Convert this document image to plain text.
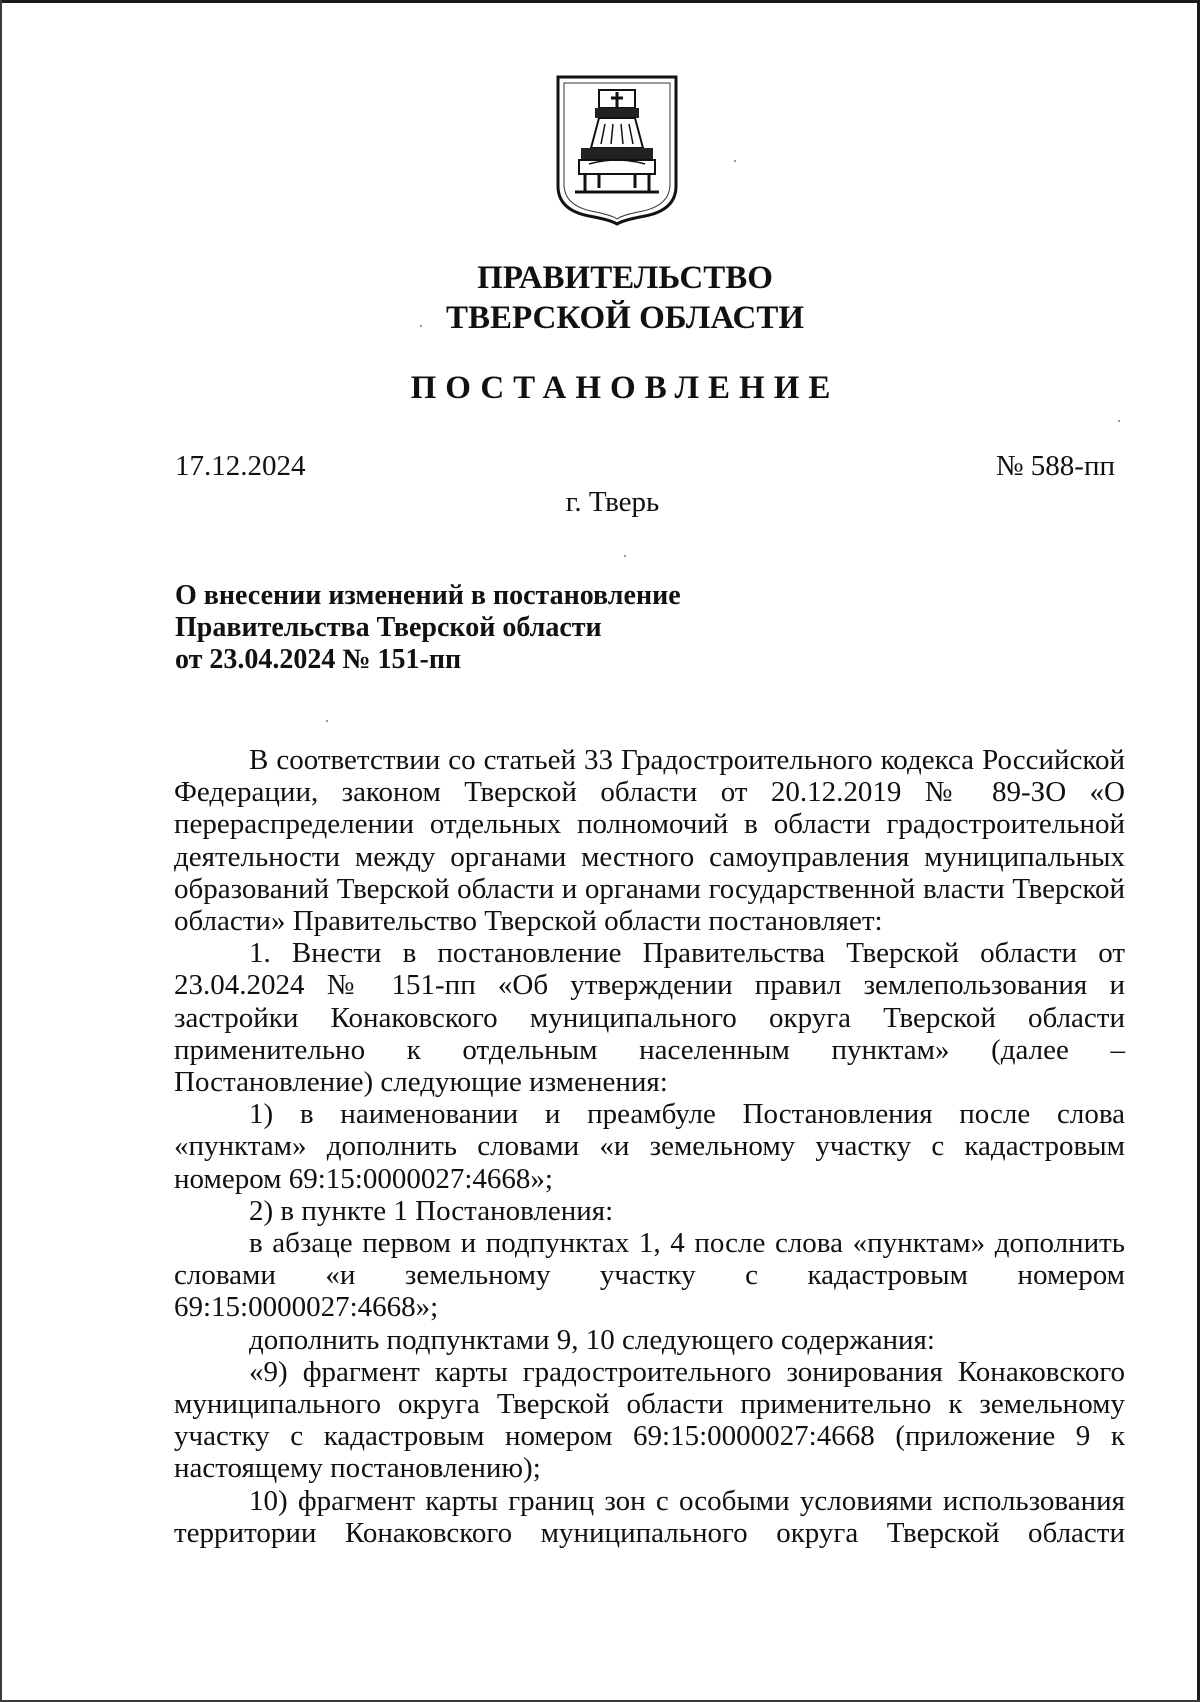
ПРАВИТЕЛЬСТВО
ТВЕРСКОЙ ОБЛАСТИ
ПОСТАНОВЛЕНИЕ
17.12.2024	№ 588-пп
г. Тверь
О внесении изменений в постановление
Правительства Тверской области
от 23.04.2024 № 151-пп

В соответствии со статьей 33 Градостроительного кодекса Российской Федерации, законом Тверской области от 20.12.2019 № 89-ЗО «О перераспределении отдельных полномочий в области градостроительной деятельности между органами местного самоуправления муниципальных образований Тверской области и органами государственной власти Тверской области» Правительство Тверской области постановляет:

1. Внести в постановление Правительства Тверской области от 23.04.2024 № 151-пп «Об утверждении правил землепользования и застройки Конаковского муниципального округа Тверской области применительно к отдельным населенным пунктам» (далее – Постановление) следующие изменения:

1) в наименовании и преамбуле Постановления после слова «пунктам» дополнить словами «и земельному участку с кадастровым номером 69:15:0000027:4668»;

2) в пункте 1 Постановления:

в абзаце первом и подпунктах 1, 4 после слова «пунктам» дополнить словами «и земельному участку с кадастровым номером 69:15:0000027:4668»;

дополнить подпунктами 9, 10 следующего содержания:

«9) фрагмент карты градостроительного зонирования Конаковского муниципального округа Тверской области применительно к земельному участку с кадастровым номером 69:15:0000027:4668 (приложение 9 к настоящему постановлению);

10) фрагмент карты границ зон с особыми условиями использования территории Конаковского муниципального округа Тверской области
